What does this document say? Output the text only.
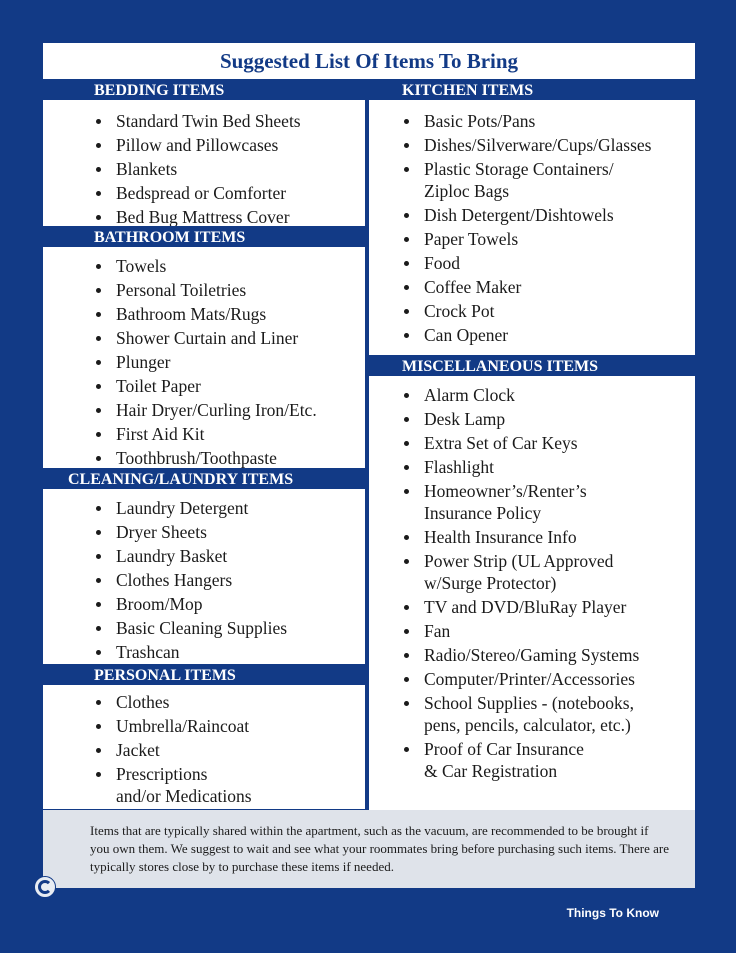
Suggested List Of Items To Bring
BEDDING ITEMS
Standard Twin Bed Sheets
Pillow and Pillowcases
Blankets
Bedspread or Comforter
Bed Bug Mattress Cover
BATHROOM ITEMS
Towels
Personal Toiletries
Bathroom Mats/Rugs
Shower Curtain and Liner
Plunger
Toilet Paper
Hair Dryer/Curling Iron/Etc.
First Aid Kit
Toothbrush/Toothpaste
CLEANING/LAUNDRY ITEMS
Laundry Detergent
Dryer Sheets
Laundry Basket
Clothes Hangers
Broom/Mop
Basic Cleaning Supplies
Trashcan
PERSONAL ITEMS
Clothes
Umbrella/Raincoat
Jacket
Prescriptions
and/or Medications
KITCHEN ITEMS
Basic Pots/Pans
Dishes/Silverware/Cups/Glasses
Plastic Storage Containers/
Ziploc Bags
Dish Detergent/Dishtowels
Paper Towels
Food
Coffee Maker
Crock Pot
Can Opener
MISCELLANEOUS ITEMS
Alarm Clock
Desk Lamp
Extra Set of Car Keys
Flashlight
Homeowner’s/Renter’s
Insurance Policy
Health Insurance Info
Power Strip (UL Approved
w/Surge Protector)
TV and DVD/BluRay Player
Fan
Radio/Stereo/Gaming Systems
Computer/Printer/Accessories
School Supplies - (notebooks,
pens, pencils, calculator, etc.)
Proof of Car Insurance
& Car Registration

Items that are typically shared within the apartment, such as the vacuum, are recommended to be brought if you own them. We suggest to wait and see what your roommates bring before purchasing such items. There are typically stores close by to purchase these items if needed.

Things To Know
